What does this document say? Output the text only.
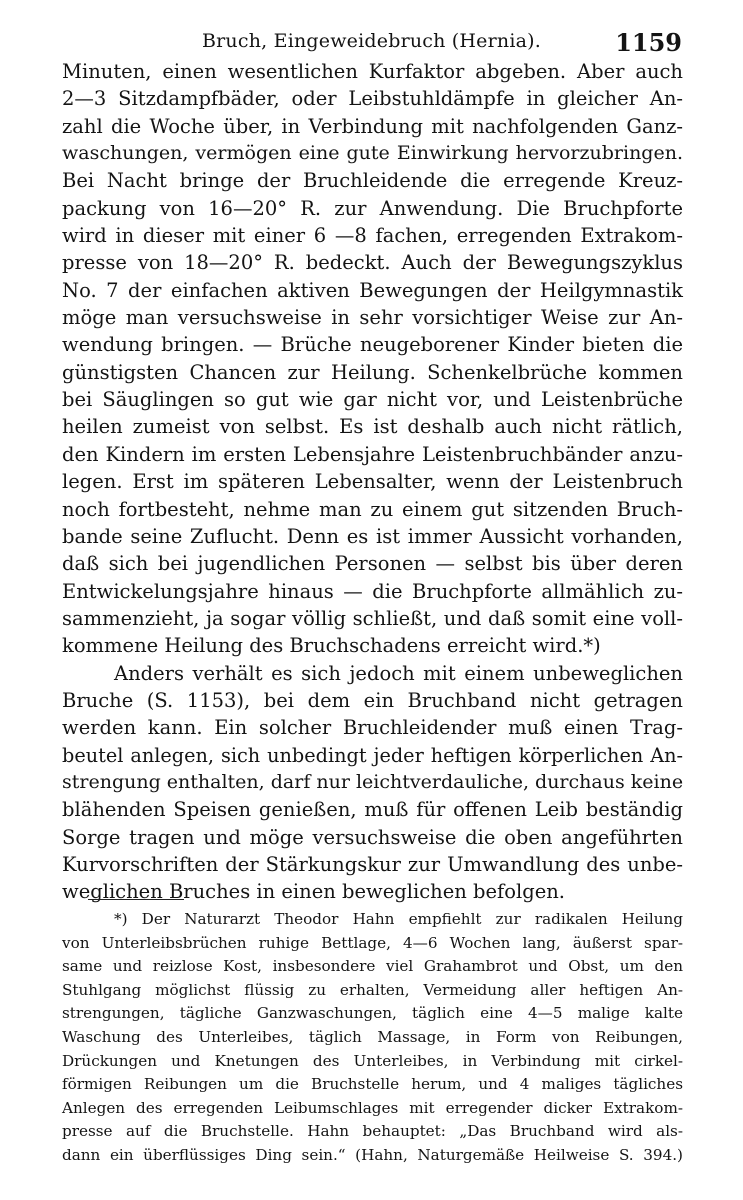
Bruch, Eingeweidebruch (Hernia).	1159
Minuten, einen wesentlichen Kurfaktor abgeben. Aber auch
2—3 Sitzdampfbäder, oder Leibstuhldämpfe in gleicher An-
zahl die Woche über, in Verbindung mit nachfolgenden Ganz-
waschungen, vermögen eine gute Einwirkung hervorzubringen.
Bei Nacht bringe der Bruchleidende die erregende Kreuz-
packung von 16—20° R. zur Anwendung. Die Bruchpforte
wird in dieser mit einer 6 —8 fachen, erregenden Extrakom-
presse von 18—20° R. bedeckt. Auch der Bewegungszyklus
No. 7 der einfachen aktiven Bewegungen der Heilgymnastik
möge man versuchsweise in sehr vorsichtiger Weise zur An-
wendung bringen. — Brüche neugeborener Kinder bieten die
günstigsten Chancen zur Heilung. Schenkelbrüche kommen
bei Säuglingen so gut wie gar nicht vor, und Leistenbrüche
heilen zumeist von selbst. Es ist deshalb auch nicht rätlich,
den Kindern im ersten Lebensjahre Leistenbruchbänder anzu-
legen. Erst im späteren Lebensalter, wenn der Leistenbruch
noch fortbesteht, nehme man zu einem gut sitzenden Bruch-
bande seine Zuflucht. Denn es ist immer Aussicht vorhanden,
daß sich bei jugendlichen Personen — selbst bis über deren
Entwickelungsjahre hinaus — die Bruchpforte allmählich zu-
sammenzieht, ja sogar völlig schließt, und daß somit eine voll-
kommene Heilung des Bruchschadens erreicht wird.*)
Anders verhält es sich jedoch mit einem unbeweglichen
Bruche (S. 1153), bei dem ein Bruchband nicht getragen
werden kann. Ein solcher Bruchleidender muß einen Trag-
beutel anlegen, sich unbedingt jeder heftigen körperlichen An-
strengung enthalten, darf nur leichtverdauliche, durchaus keine
blähenden Speisen genießen, muß für offenen Leib beständig
Sorge tragen und möge versuchsweise die oben angeführten
Kurvorschriften der Stärkungskur zur Umwandlung des unbe-
weglichen Bruches in einen beweglichen befolgen.
*) Der Naturarzt Theodor Hahn empfiehlt zur radikalen Heilung
von Unterleibsbrüchen ruhige Bettlage, 4—6 Wochen lang, äußerst spar-
same und reizlose Kost, insbesondere viel Grahambrot und Obst, um den
Stuhlgang möglichst flüssig zu erhalten, Vermeidung aller heftigen An-
strengungen, tägliche Ganzwaschungen, täglich eine 4—5 malige kalte
Waschung des Unterleibes, täglich Massage, in Form von Reibungen,
Drückungen und Knetungen des Unterleibes, in Verbindung mit cirkel-
förmigen Reibungen um die Bruchstelle herum, und 4 maliges tägliches
Anlegen des erregenden Leibumschlages mit erregender dicker Extrakom-
presse auf die Bruchstelle. Hahn behauptet: „Das Bruchband wird als-
dann ein überflüssiges Ding sein.“ (Hahn, Naturgemäße Heilweise S. 394.)
